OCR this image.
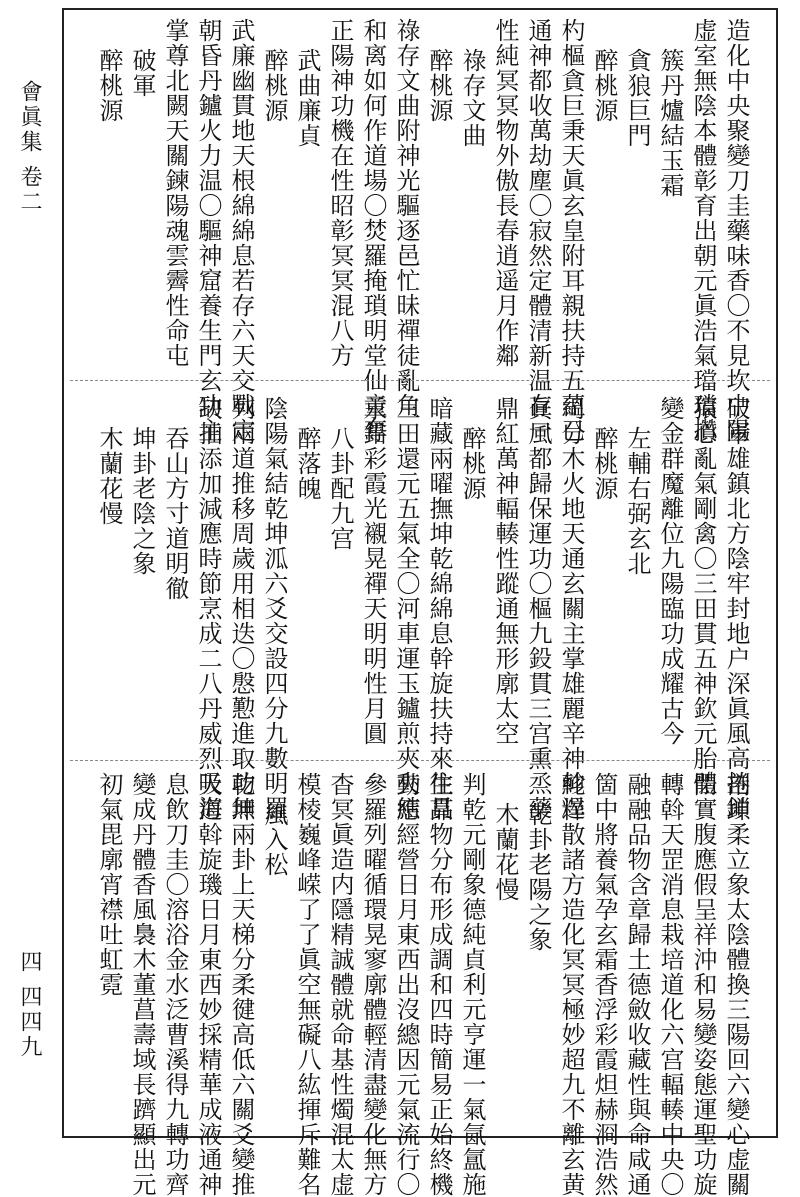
會眞集 卷二
四 四四九
造化中央聚變刀圭藥味香〇不見坎中陽
虚室無陰本體彰育出朝元眞浩氣璫璫攢
簇丹爐結玉霜
貪狼巨門
醉桃源
杓樞貪巨秉天眞玄皇附耳親扶持五蘊已
通神都收萬劫塵〇寂然定體清新温存一
性純冥冥物外傲長春逍遥月作鄰
祿存文曲
醉桃源
祿存文曲附神光驅逐邑忙昧禪徒亂角
和离如何作道場〇焚羅掩瑣明堂仙童奪
正陽神功機在性昭彰冥冥混八方
武曲廉貞
醉桃源
武廉幽貫地天根綿綿息若存六天交戰定
朝昏丹鑪火力温〇驅神窟養生門玄功主
掌尊北闕天關鍊陽魂雲霽性命屯
破軍
醉桃源
破軍雄鎮北方陰牢封地户深眞風高捲鎖
猿心亂氣剛禽〇三田貫五神欽元胎體
變金群魔離位九陽臨功成耀古今
左輔右弼玄北
醉桃源
司分木火地天通玄關主掌雄麗辛神軫逞
眞風都歸保運功〇樞九鈠貫三宫熏烝藥
鼎紅萬神輻輳性蹤通無形廓太空
醉桃源
暗藏兩曜撫坤乾綿綿息幹旋扶持來往貫
三田還元五氣全〇河車運玉鑪煎夾夾結
汞鉛彩霞光襯晃禪天明明性月圓
八卦配九宫
醉落魄
陰陽氣結乾坤泒六爻交設四分九數明羅
列兩道推移周歲用相迭〇慇懃進取功無
缺抽添加減應時節烹成二八丹威烈吸海
吞山方寸道明徹
坤卦老陰之象
木蘭花慢
剖坤柔立象太陰體換三陽回六變心虚關
閉實腹應假呈祥沖和易變姿態運聖功旋
轉斡天罡消息栽培道化六宫輻輳中央〇
融融品物含章歸土德斂收藏性與命咸通
箇中將養氣孕玄霜香浮彩霞炟赫浻浩然
純粹散諸方造化冥冥極妙超九不離玄黄
乾卦老陽之象
木蘭花慢
判乾元剛象德純貞利元亨運一氣氤氲施
生品物分布形成調和四時簡易正始終機
動應經營日月東西出沒總因元氣流行〇
參羅列曜循環晃寥廓體輕清盡變化無方
杳冥眞造内隱精誠體就命基性燭混太虚
模棱巍峰嵘了了眞空無礙八紘揮斥難名
風入松
乾坤兩卦上天梯分柔徤高低六關爻變推
天道斡旋璣日月東西妙採精華成液通神
息飲刀圭〇溶浴金水泛曹溪得九轉功齊
變成丹體香風裊木董菖壽域長躋顯出元
初氣毘廓宵襟吐虹霓
